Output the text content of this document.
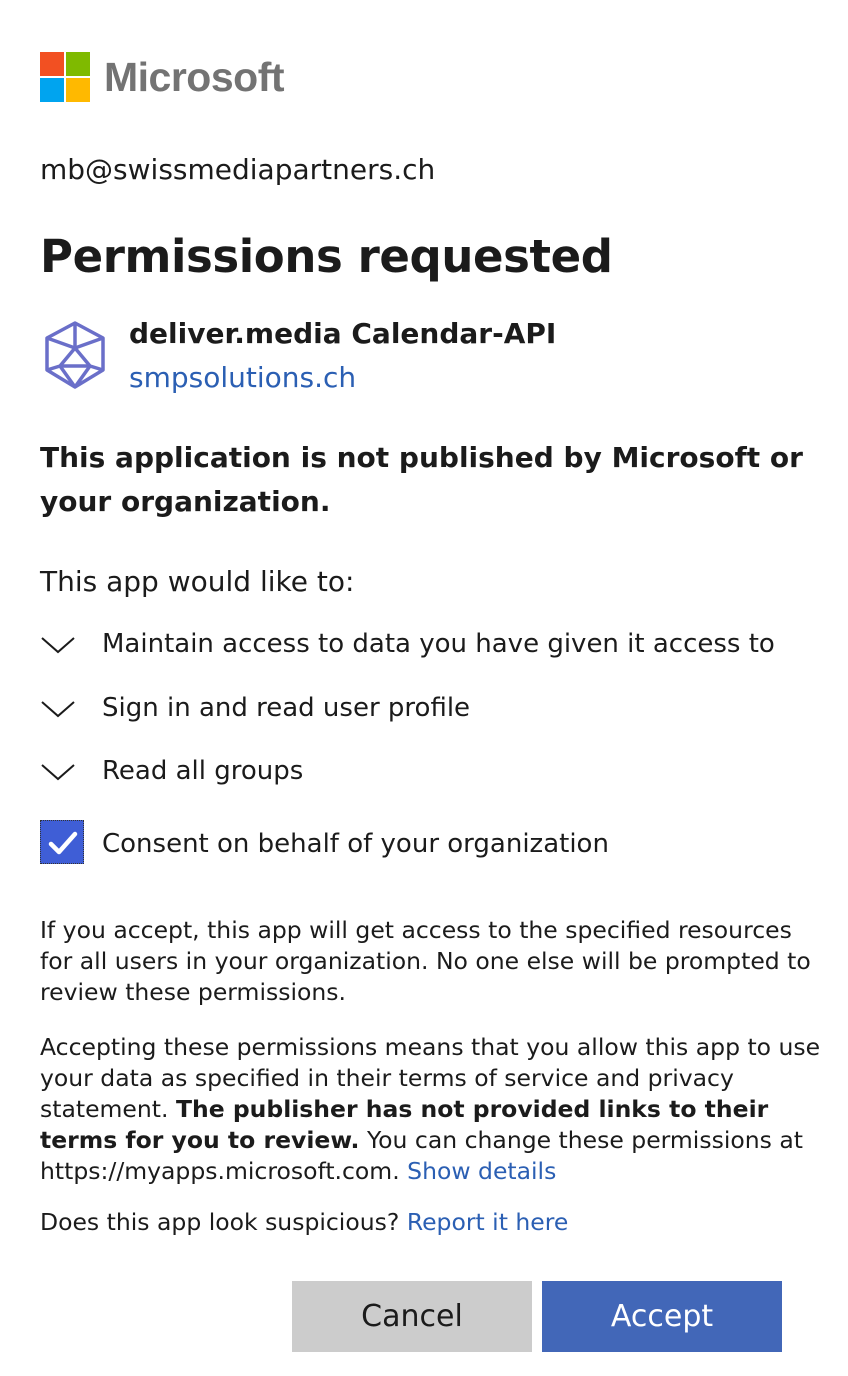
Microsoft
mb@swissmediapartners.ch
Permissions requested
deliver.media Calendar-API
smpsolutions.ch
This application is not published by Microsoft or your organization.
This app would like to:
Maintain access to data you have given it access to
Sign in and read user profile
Read all groups
Consent on behalf of your organization
If you accept, this app will get access to the specified resources for all users in your organization. No one else will be prompted to review these permissions.
Accepting these permissions means that you allow this app to use your data as specified in their terms of service and privacy statement. The publisher has not provided links to their terms for you to review. You can change these permissions at https://myapps.microsoft.com. Show details
Does this app look suspicious? Report it here
Cancel	Accept
